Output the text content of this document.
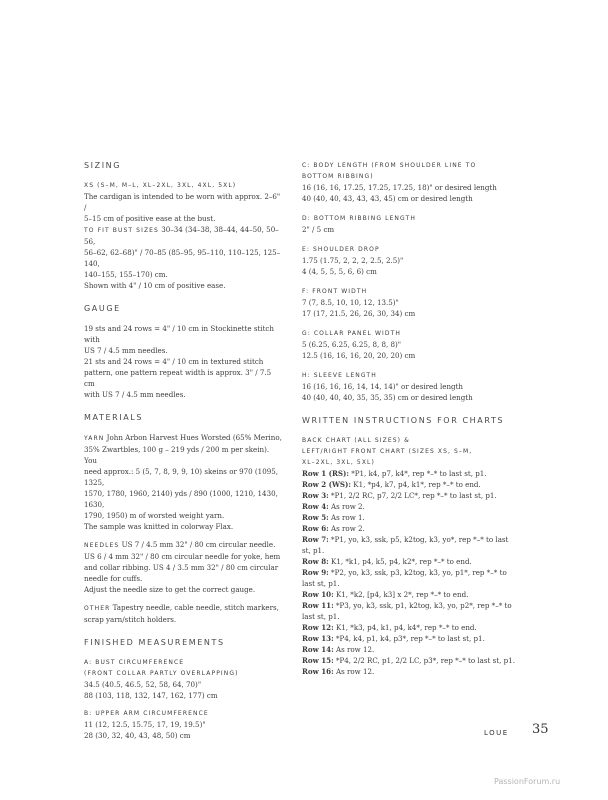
SIZING
XS (S–M, M–L, XL–2XL, 3XL, 4XL, 5XL)
The cardigan is intended to be worn with approx. 2–6" /
5–15 cm of positive ease at the bust.
TO FIT BUST SIZES 30–34 (34–38, 38–44, 44–50, 50–56,
56–62, 62–68)" / 70–85 (85–95, 95–110, 110–125, 125–140,
140–155, 155–170) cm.
Shown with 4" / 10 cm of positive ease.
GAUGE
19 sts and 24 rows = 4" / 10 cm in Stockinette stitch with
US 7 / 4.5 mm needles.
21 sts and 24 rows = 4" / 10 cm in textured stitch
pattern, one pattern repeat width is approx. 3" / 7.5 cm
with US 7 / 4.5 mm needles.
MATERIALS
YARN John Arbon Harvest Hues Worsted (65% Merino,
35% Zwartbles, 100 g – 219 yds / 200 m per skein). You
need approx.: 5 (5, 7, 8, 9, 9, 10) skeins or 970 (1095, 1325,
1570, 1780, 1960, 2140) yds / 890 (1000, 1210, 1430, 1630,
1790, 1950) m of worsted weight yarn.
The sample was knitted in colorway Flax.
NEEDLES US 7 / 4.5 mm 32" / 80 cm circular needle.
US 6 / 4 mm 32" / 80 cm circular needle for yoke, hem
and collar ribbing. US 4 / 3.5 mm 32" / 80 cm circular
needle for cuffs.
Adjust the needle size to get the correct gauge.
OTHER Tapestry needle, cable needle, stitch markers,
scrap yarn/stitch holders.
FINISHED MEASUREMENTS
A: BUST CIRCUMFERENCE
(FRONT COLLAR PARTLY OVERLAPPING)
34.5 (40.5, 46.5, 52, 58, 64, 70)"
88 (103, 118, 132, 147, 162, 177) cm
B: UPPER ARM CIRCUMFERENCE
11 (12, 12.5, 15.75, 17, 19, 19.5)"
28 (30, 32, 40, 43, 48, 50) cm
C: BODY LENGTH (FROM SHOULDER LINE TO
BOTTOM RIBBING)
16 (16, 16, 17.25, 17.25, 17.25, 18)" or desired length
40 (40, 40, 43, 43, 43, 45) cm or desired length
D: BOTTOM RIBBING LENGTH
2" / 5 cm
E: SHOULDER DROP
1.75 (1.75, 2, 2, 2, 2.5, 2.5)"
4 (4, 5, 5, 5, 6, 6) cm
F: FRONT WIDTH
7 (7, 8.5, 10, 10, 12, 13.5)"
17 (17, 21.5, 26, 26, 30, 34) cm
G: COLLAR PANEL WIDTH
5 (6.25, 6.25, 6.25, 8, 8, 8)"
12.5 (16, 16, 16, 20, 20, 20) cm
H: SLEEVE LENGTH
16 (16, 16, 16, 14, 14, 14)" or desired length
40 (40, 40, 40, 35, 35, 35) cm or desired length
WRITTEN INSTRUCTIONS FOR CHARTS
BACK CHART (ALL SIZES) &
LEFT/RIGHT FRONT CHART (SIZES XS, S–M,
XL–2XL, 3XL, 5XL)
Row 1 (RS): *P1, k4, p7, k4*, rep *–* to last st, p1.
Row 2 (WS): K1, *p4, k7, p4, k1*, rep *–* to end.
Row 3: *P1, 2/2 RC, p7, 2/2 LC*, rep *–* to last st, p1.
Row 4: As row 2.
Row 5: As row 1.
Row 6: As row 2.
Row 7: *P1, yo, k3, ssk, p5, k2tog, k3, yo*, rep *–* to last
st, p1.
Row 8: K1, *k1, p4, k5, p4, k2*, rep *–* to end.
Row 9: *P2, yo, k3, ssk, p3, k2tog, k3, yo, p1*, rep *–* to
last st, p1.
Row 10: K1, *k2, [p4, k3] x 2*, rep *–* to end.
Row 11: *P3, yo, k3, ssk, p1, k2tog, k3, yo, p2*, rep *–* to
last st, p1.
Row 12: K1, *k3, p4, k1, p4, k4*, rep *–* to end.
Row 13: *P4, k4, p1, k4, p3*, rep *–* to last st, p1.
Row 14: As row 12.
Row 15: *P4, 2/2 RC, p1, 2/2 LC, p3*, rep *–* to last st, p1.
Row 16: As row 12.
LOUE 35
PassionForum.ru
